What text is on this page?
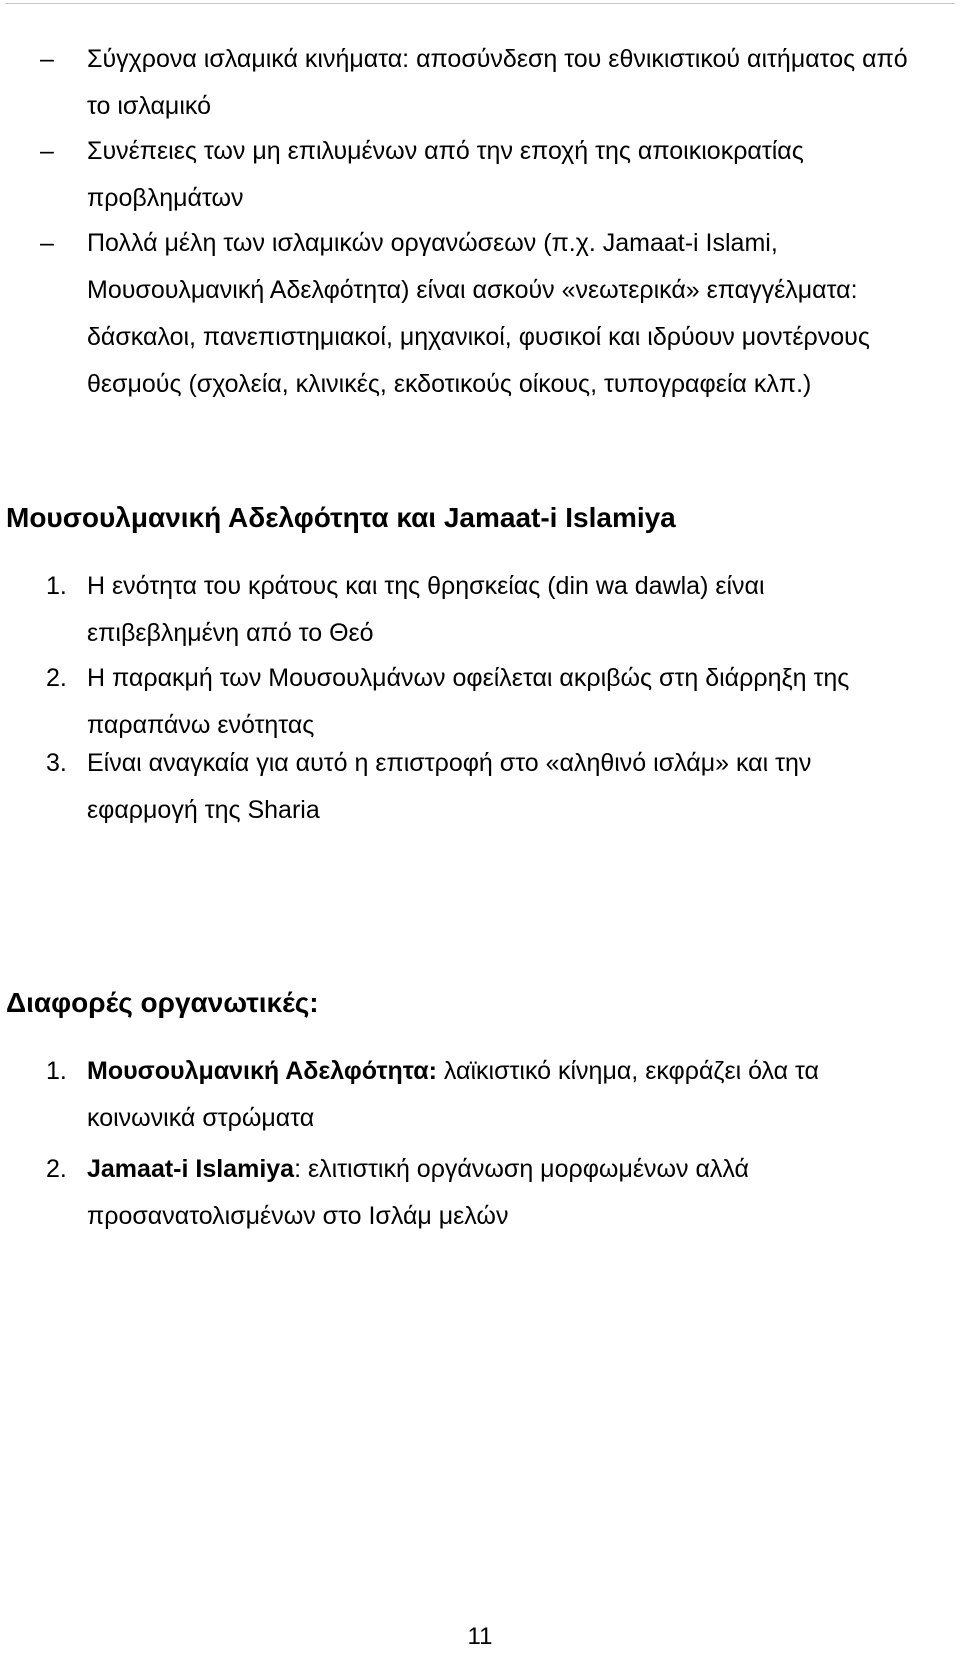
– Σύγχρονα ισλαμικά κινήματα: αποσύνδεση του εθνικιστικού αιτήματος από το ισλαμικό
– Συνέπειες των μη επιλυμένων από την εποχή της αποικιοκρατίας προβλημάτων
– Πολλά μέλη των ισλαμικών οργανώσεων (π.χ. Jamaat-i Islami, Μουσουλμανική Αδελφότητα) είναι ασκούν «νεωτερικά» επαγγέλματα: δάσκαλοι, πανεπιστημιακοί, μηχανικοί, φυσικοί και ιδρύουν μοντέρνους θεσμούς (σχολεία, κλινικές, εκδοτικούς οίκους, τυπογραφεία κλπ.)
Μουσουλμανική Αδελφότητα και Jamaat-i Islamiya
1. Η ενότητα του κράτους και της θρησκείας (din wa dawla) είναι επιβεβλημένη από το Θεό
2. Η παρακμή των Μουσουλμάνων οφείλεται ακριβώς στη διάρρηξη της παραπάνω ενότητας
3. Είναι αναγκαία για αυτό η επιστροφή στο «αληθινό ισλάμ» και την εφαρμογή της Sharia
Διαφορές οργανωτικές:
1. Μουσουλμανική Αδελφότητα: λαϊκιστικό κίνημα, εκφράζει όλα τα κοινωνικά στρώματα
2. Jamaat-i Islamiya: ελιτιστική οργάνωση μορφωμένων αλλά προσανατολισμένων στο Ισλάμ μελών
11
